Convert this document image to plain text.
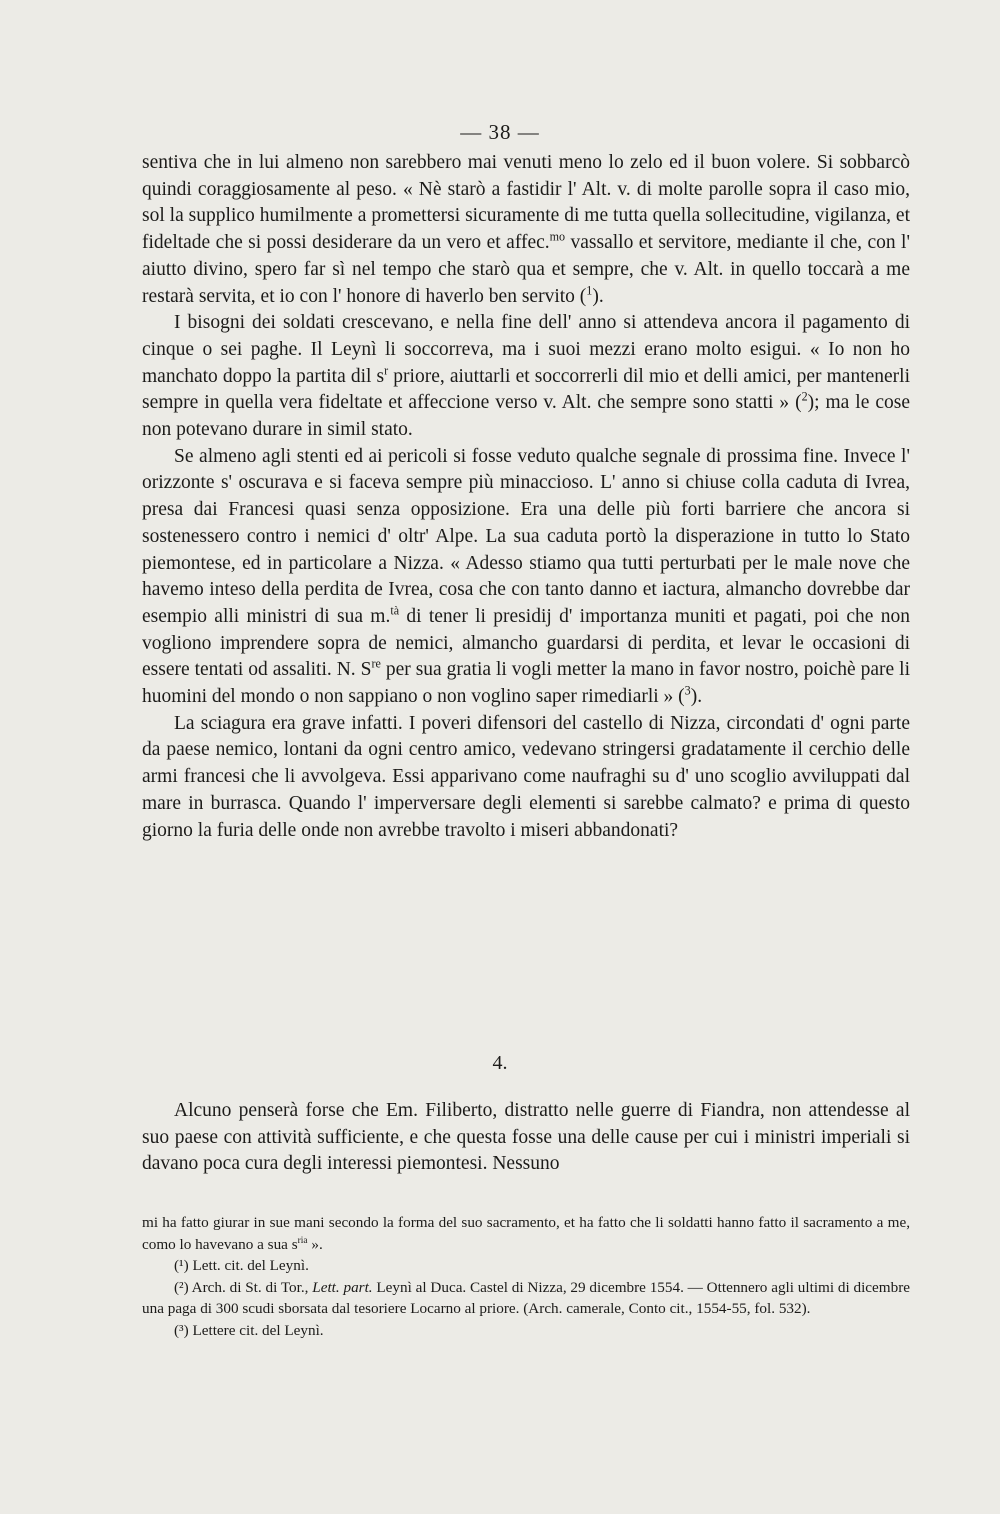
— 38 —

sentiva che in lui almeno non sarebbero mai venuti meno lo zelo ed il buon volere. Si sobbarcò quindi coraggiosamente al peso. « Nè starò a fastidir l' Alt. v. di molte parolle sopra il caso mio, sol la supplico humilmente a promettersi sicuramente di me tutta quella sollecitudine, vigilanza, et fideltade che si possi desiderare da un vero et affec.$^{mo}$ vassallo et servitore, mediante il che, con l' aiutto divino, spero far sì nel tempo che starò qua et sempre, che v. Alt. in quello toccarà a me restarà servita, et io con l' honore di haverlo ben servito ($^1$).

I bisogni dei soldati crescevano, e nella fine dell' anno si attendeva ancora il pagamento di cinque o sei paghe. Il Leynì li soccorreva, ma i suoi mezzi erano molto esigui. « Io non ho manchato doppo la partita dil $s^r$ priore, aiuttarli et soccorrerli dil mio et delli amici, per mantenerli sempre in quella vera fideltate et affeccione verso v. Alt. che sempre sono statti » ($^2$); ma le cose non potevano durare in simil stato.

Se almeno agli stenti ed ai pericoli si fosse veduto qualche segnale di prossima fine. Invece l' orizzonte s' oscurava e si faceva sempre più minaccioso. L' anno si chiuse colla caduta di Ivrea, presa dai Francesi quasi senza opposizione. Era una delle più forti barriere che ancora si sostenessero contro i nemici d' oltr' Alpe. La sua caduta portò la disperazione in tutto lo Stato piemontese, ed in particolare a Nizza. « Adesso stiamo qua tutti perturbati per le male nove che havemo inteso della perdita de Ivrea, cosa che con tanto danno et iactura, almancho dovrebbe dar esempio alli ministri di sua m.$^{tà}$ di tener li presidij d' importanza muniti et pagati, poi che non vogliono imprendere sopra de nemici, almancho guardarsi di perdita, et levar le occasioni di essere tentati od assaliti. N. $S^{re}$ per sua gratia li vogli metter la mano in favor nostro, poichè pare li huomini del mondo o non sappiano o non voglino saper rimediarli » ($^3$).

La sciagura era grave infatti. I poveri difensori del castello di Nizza, circondati d' ogni parte da paese nemico, lontani da ogni centro amico, vedevano stringersi gradatamente il cerchio delle armi francesi che li avvolgeva. Essi apparivano come naufraghi su d' uno scoglio avviluppati dal mare in burrasca. Quando l' imperversare degli elementi si sarebbe calmato? e prima di questo giorno la furia delle onde non avrebbe travolto i miseri abbandonati?

4.

Alcuno penserà forse che Em. Filiberto, distratto nelle guerre di Fiandra, non attendesse al suo paese con attività sufficiente, e che questa fosse una delle cause per cui i ministri imperiali si davano poca cura degli interessi piemontesi. Nessuno

mi ha fatto giurar in sue mani secondo la forma del suo sacramento, et ha fatto che li soldatti hanno fatto il sacramento a me, como lo havevano a sua $s^{ria}$ ».

(¹) Lett. cit. del Leynì.

(²) Arch. di St. di Tor., Lett. part. Leynì al Duca. Castel di Nizza, 29 dicembre 1554. — Ottennero agli ultimi di dicembre una paga di 300 scudi sborsata dal tesoriere Locarno al priore. (Arch. camerale, Conto cit., 1554-55, fol. 532).

(³) Lettere cit. del Leynì.
